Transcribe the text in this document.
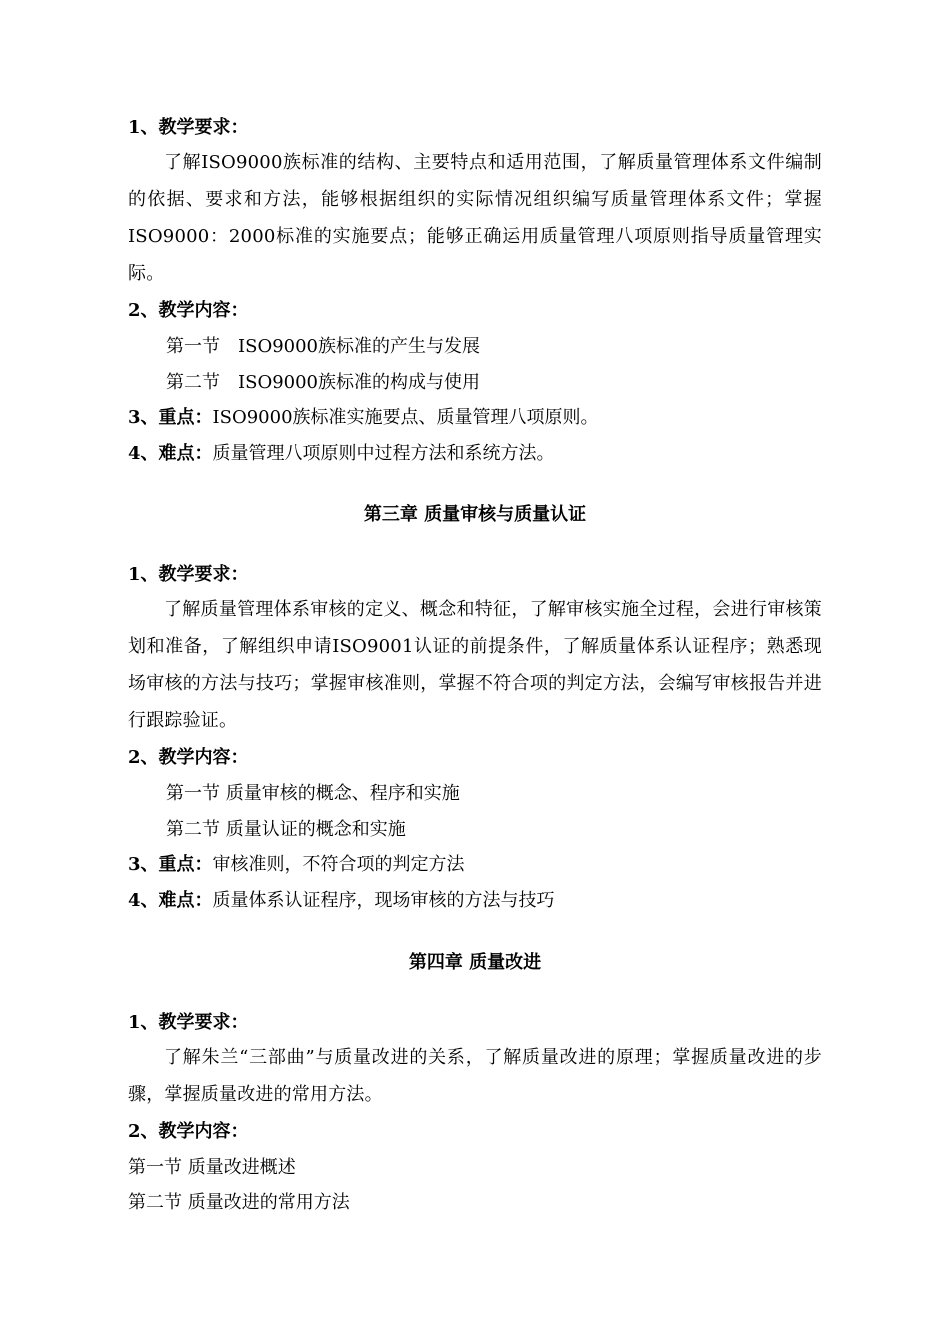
1、教学要求：
了解ISO9000族标准的结构、主要特点和适用范围，了解质量管理体系文件编制的依据、要求和方法，能够根据组织的实际情况组织编写质量管理体系文件；掌握ISO9000：2000标准的实施要点；能够正确运用质量管理八项原则指导质量管理实际。
2、教学内容：
第一节　ISO9000族标准的产生与发展
第二节　ISO9000族标准的构成与使用
3、重点：ISO9000族标准实施要点、质量管理八项原则。
4、难点：质量管理八项原则中过程方法和系统方法。
第三章 质量审核与质量认证
1、教学要求：
了解质量管理体系审核的定义、概念和特征，了解审核实施全过程，会进行审核策划和准备，了解组织申请ISO9001认证的前提条件，了解质量体系认证程序；熟悉现场审核的方法与技巧；掌握审核准则，掌握不符合项的判定方法，会编写审核报告并进行跟踪验证。
2、教学内容：
第一节 质量审核的概念、程序和实施
第二节 质量认证的概念和实施
3、重点：审核准则，不符合项的判定方法
4、难点：质量体系认证程序，现场审核的方法与技巧
第四章 质量改进
1、教学要求：
了解朱兰“三部曲”与质量改进的关系，了解质量改进的原理；掌握质量改进的步骤，掌握质量改进的常用方法。
2、教学内容：
第一节 质量改进概述
第二节 质量改进的常用方法
